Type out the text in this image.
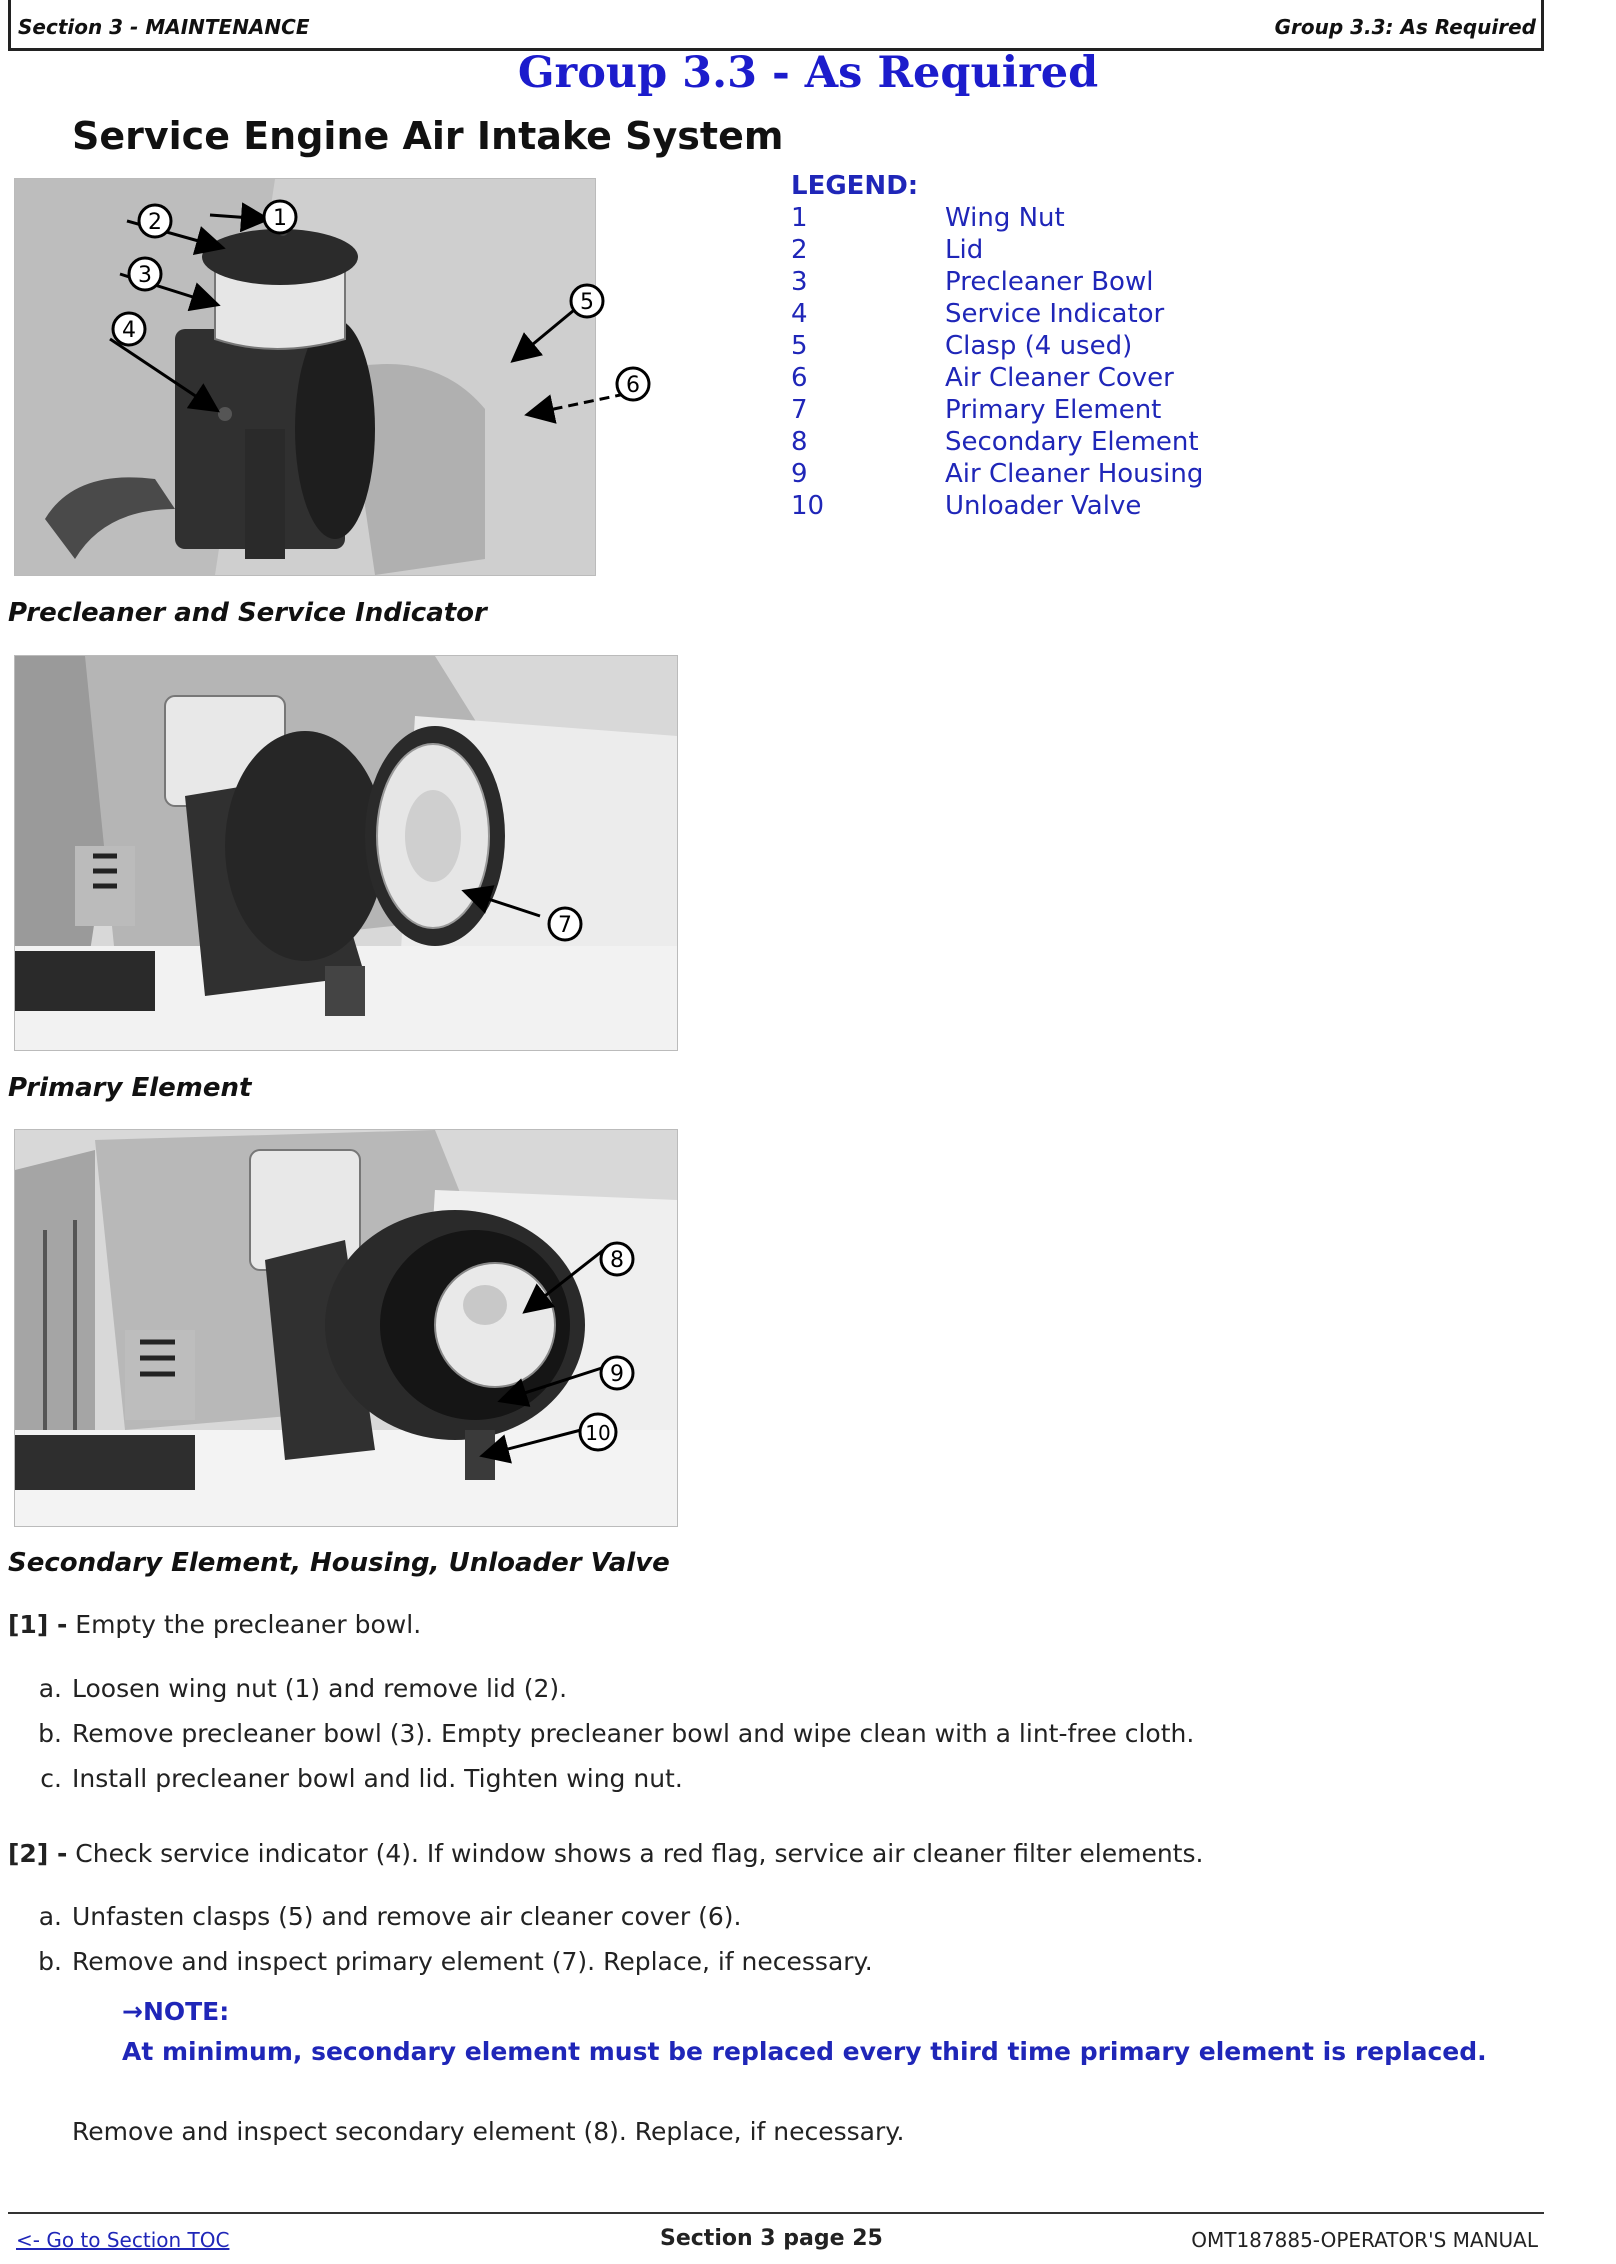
Section 3 - MAINTENANCE	Group 3.3: As Required
Group 3.3 - As Required
Service Engine Air Intake System
LEGEND:
1	Wing Nut
2	Lid
3	Precleaner Bowl
4	Service Indicator
5	Clasp (4 used)
6	Air Cleaner Cover
7	Primary Element
8	Secondary Element
9	Air Cleaner Housing
10	Unloader Valve
1
2
3
4
5
6
Precleaner and Service Indicator
7
Primary Element
8
9
10
Secondary Element, Housing, Unloader Valve
[1] - Empty the precleaner bowl.
a. Loosen wing nut (1) and remove lid (2).
b. Remove precleaner bowl (3). Empty precleaner bowl and wipe clean with a lint-free cloth.
c. Install precleaner bowl and lid. Tighten wing nut.
[2] - Check service indicator (4). If window shows a red flag, service air cleaner filter elements.
a. Unfasten clasps (5) and remove air cleaner cover (6).
b. Remove and inspect primary element (7). Replace, if necessary.
→NOTE:
At minimum, secondary element must be replaced every third time primary element is replaced.
Remove and inspect secondary element (8). Replace, if necessary.
<- Go to Section TOC	Section 3 page 25	OMT187885-OPERATOR'S MANUAL
